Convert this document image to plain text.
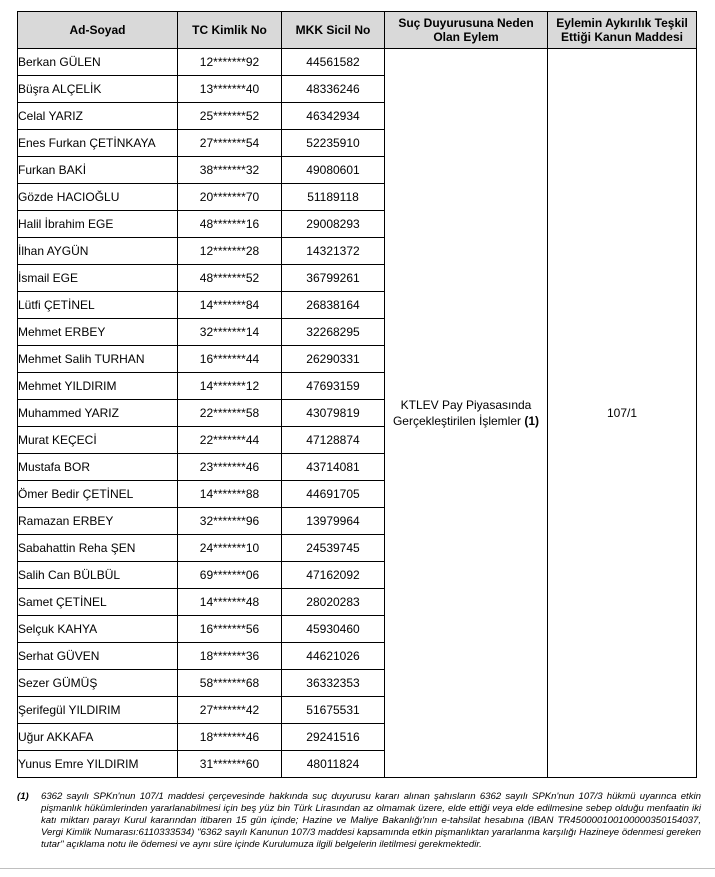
Ad-Soyad	TC Kimlik No	MKK Sicil No	Suç Duyurusuna Neden
Olan Eylem	Eylemin Aykırılık Teşkil
Ettiği Kanun Maddesi
Berkan GÜLEN	12*******92	44561582	KTLEV Pay Piyasasında
Gerçekleştirilen İşlemler (1)	107/1
Büşra ALÇELİK	13*******40	48336246		
Celal YARIZ	25*******52	46342934		
Enes Furkan ÇETİNKAYA	27*******54	52235910		
Furkan BAKİ	38*******32	49080601		
Gözde HACIOĞLU	20*******70	51189118		
Halil İbrahim EGE	48*******16	29008293		
İlhan AYGÜN	12*******28	14321372		
İsmail EGE	48*******52	36799261		
Lütfi ÇETİNEL	14*******84	26838164		
Mehmet ERBEY	32*******14	32268295		
Mehmet Salih TURHAN	16*******44	26290331		
Mehmet YILDIRIM	14*******12	47693159		
Muhammed YARIZ	22*******58	43079819		
Murat KEÇECİ	22*******44	47128874		
Mustafa BOR	23*******46	43714081		
Ömer Bedir ÇETİNEL	14*******88	44691705		
Ramazan ERBEY	32*******96	13979964		
Sabahattin Reha ŞEN	24*******10	24539745		
Salih Can BÜLBÜL	69*******06	47162092		
Samet ÇETİNEL	14*******48	28020283		
Selçuk KAHYA	16*******56	45930460		
Serhat GÜVEN	18*******36	44621026		
Sezer GÜMÜŞ	58*******68	36332353		
Şerifegül YILDIRIM	27*******42	51675531		
Uğur AKKAFA	18*******46	29241516		
Yunus Emre YILDIRIM	31*******60	48011824		
(1) 6362 sayılı SPKn'nun 107/1 maddesi çerçevesinde hakkında suç duyurusu kararı alınan şahısların 6362 sayılı SPKn'nun 107/3 hükmü uyarınca etkin pişmanlık hükümlerinden yararlanabilmesi için beş yüz bin Türk Lirasından az olmamak üzere, elde ettiği veya elde edilmesine sebep olduğu menfaatin iki katı miktarı parayı Kurul kararından itibaren 15 gün içinde; Hazine ve Maliye Bakanlığı'nın e-tahsilat hesabına (IBAN TR450000100100000350154037, Vergi Kimlik Numarası:6110333534) "6362 sayılı Kanunun 107/3 maddesi kapsamında etkin pişmanlıktan yararlanma karşılığı Hazineye ödenmesi gereken tutar" açıklama notu ile ödemesi ve aynı süre içinde Kurulumuza ilgili belgelerin iletilmesi gerekmektedir.
